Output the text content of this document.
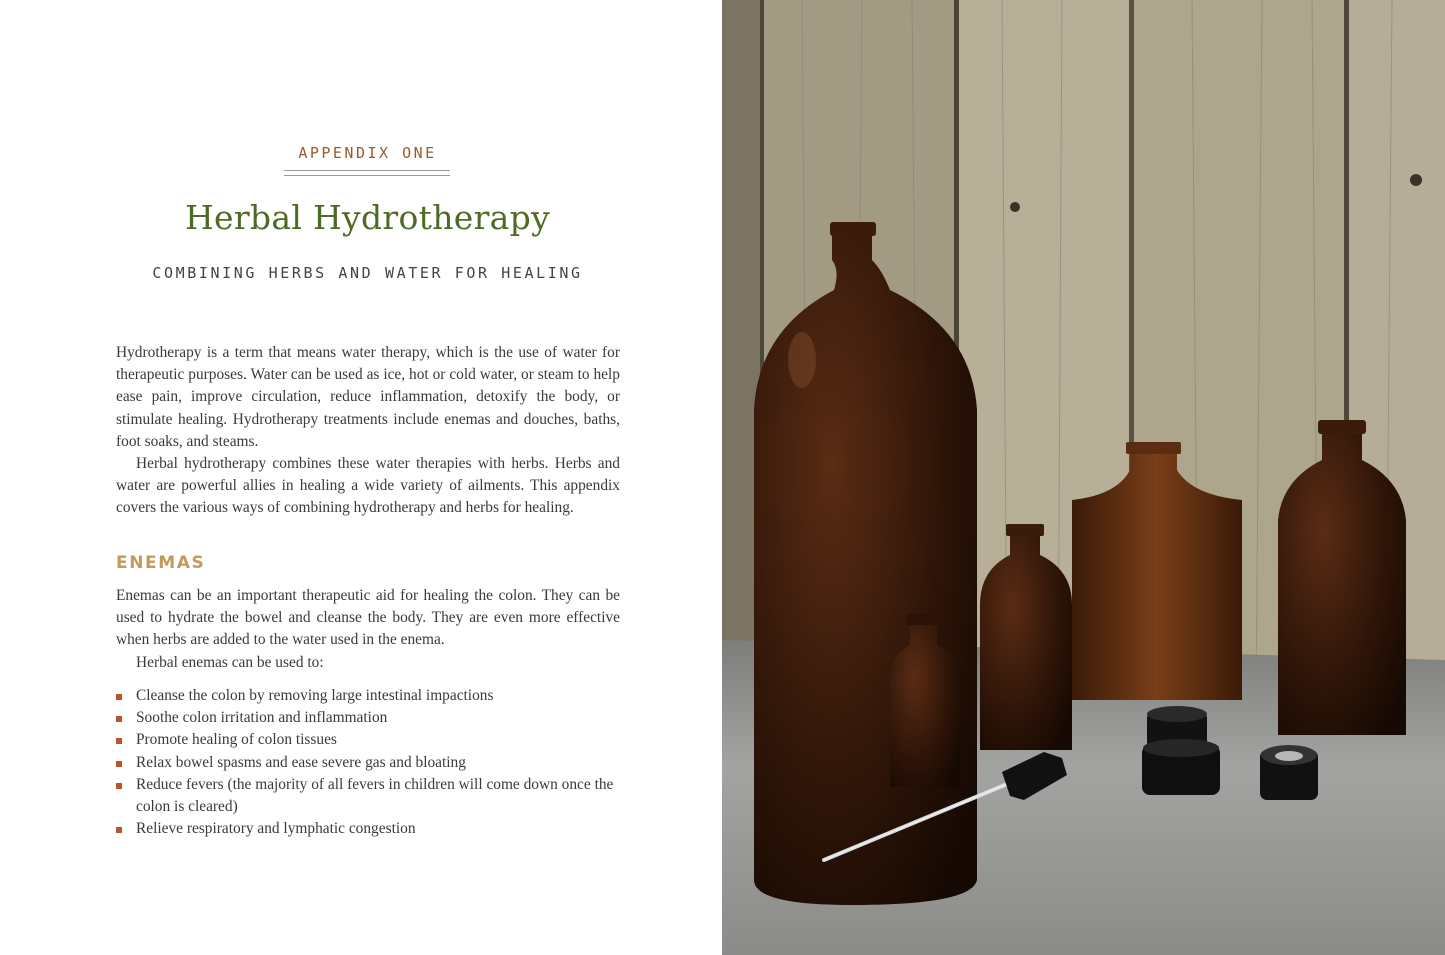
APPENDIX ONE
Herbal Hydrotherapy
COMBINING HERBS AND WATER FOR HEALING

Hydrotherapy is a term that means water therapy, which is the use of water for therapeutic purposes. Water can be used as ice, hot or cold water, or steam to help ease pain, improve circulation, reduce inflammation, detoxify the body, or stimulate healing. Hydrotherapy treatments include enemas and douches, baths, foot soaks, and steams.

Herbal hydrotherapy combines these water therapies with herbs. Herbs and water are powerful allies in healing a wide variety of ailments. This appendix covers the various ways of combining hydrotherapy and herbs for healing.

ENEMAS

Enemas can be an important therapeutic aid for healing the colon. They can be used to hydrate the bowel and cleanse the body. They are even more effective when herbs are added to the water used in the enema.

Herbal enemas can be used to:

Cleanse the colon by removing large intestinal impactions
Soothe colon irritation and inflammation
Promote healing of colon tissues
Relax bowel spasms and ease severe gas and bloating
Reduce fevers (the majority of all fevers in children will come down once the colon is cleared)
Relieve respiratory and lymphatic congestion
